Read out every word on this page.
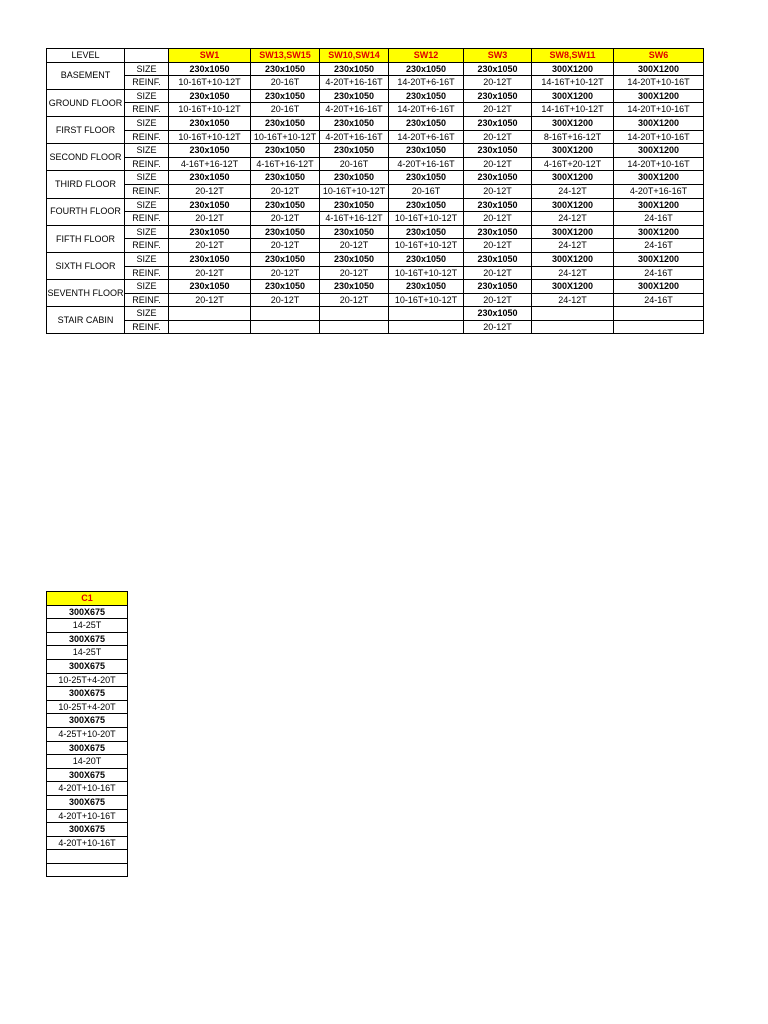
LEVEL		SW1	SW13,SW15	SW10,SW14	SW12	SW3	SW8,SW11	SW6
BASEMENT	SIZE	230x1050	230x1050	230x1050	230x1050	230x1050	300X1200	300X1200
	REINF.	10-16T+10-12T	20-16T	4-20T+16-16T	14-20T+6-16T	20-12T	14-16T+10-12T	14-20T+10-16T
GROUND FLOOR	SIZE	230x1050	230x1050	230x1050	230x1050	230x1050	300X1200	300X1200
	REINF.	10-16T+10-12T	20-16T	4-20T+16-16T	14-20T+6-16T	20-12T	14-16T+10-12T	14-20T+10-16T
FIRST FLOOR	SIZE	230x1050	230x1050	230x1050	230x1050	230x1050	300X1200	300X1200
	REINF.	10-16T+10-12T	10-16T+10-12T	4-20T+16-16T	14-20T+6-16T	20-12T	8-16T+16-12T	14-20T+10-16T
SECOND FLOOR	SIZE	230x1050	230x1050	230x1050	230x1050	230x1050	300X1200	300X1200
	REINF.	4-16T+16-12T	4-16T+16-12T	20-16T	4-20T+16-16T	20-12T	4-16T+20-12T	14-20T+10-16T
THIRD FLOOR	SIZE	230x1050	230x1050	230x1050	230x1050	230x1050	300X1200	300X1200
	REINF.	20-12T	20-12T	10-16T+10-12T	20-16T	20-12T	24-12T	4-20T+16-16T
FOURTH FLOOR	SIZE	230x1050	230x1050	230x1050	230x1050	230x1050	300X1200	300X1200
	REINF.	20-12T	20-12T	4-16T+16-12T	10-16T+10-12T	20-12T	24-12T	24-16T
FIFTH FLOOR	SIZE	230x1050	230x1050	230x1050	230x1050	230x1050	300X1200	300X1200
	REINF.	20-12T	20-12T	20-12T	10-16T+10-12T	20-12T	24-12T	24-16T
SIXTH FLOOR	SIZE	230x1050	230x1050	230x1050	230x1050	230x1050	300X1200	300X1200
	REINF.	20-12T	20-12T	20-12T	10-16T+10-12T	20-12T	24-12T	24-16T
SEVENTH FLOOR	SIZE	230x1050	230x1050	230x1050	230x1050	230x1050	300X1200	300X1200
	REINF.	20-12T	20-12T	20-12T	10-16T+10-12T	20-12T	24-12T	24-16T
STAIR CABIN	SIZE					230x1050		
	REINF.					20-12T		
C1
300X675
14-25T
300X675
14-25T
300X675
10-25T+4-20T
300X675
10-25T+4-20T
300X675
4-25T+10-20T
300X675
14-20T
300X675
4-20T+10-16T
300X675
4-20T+10-16T
300X675
4-20T+10-16T
